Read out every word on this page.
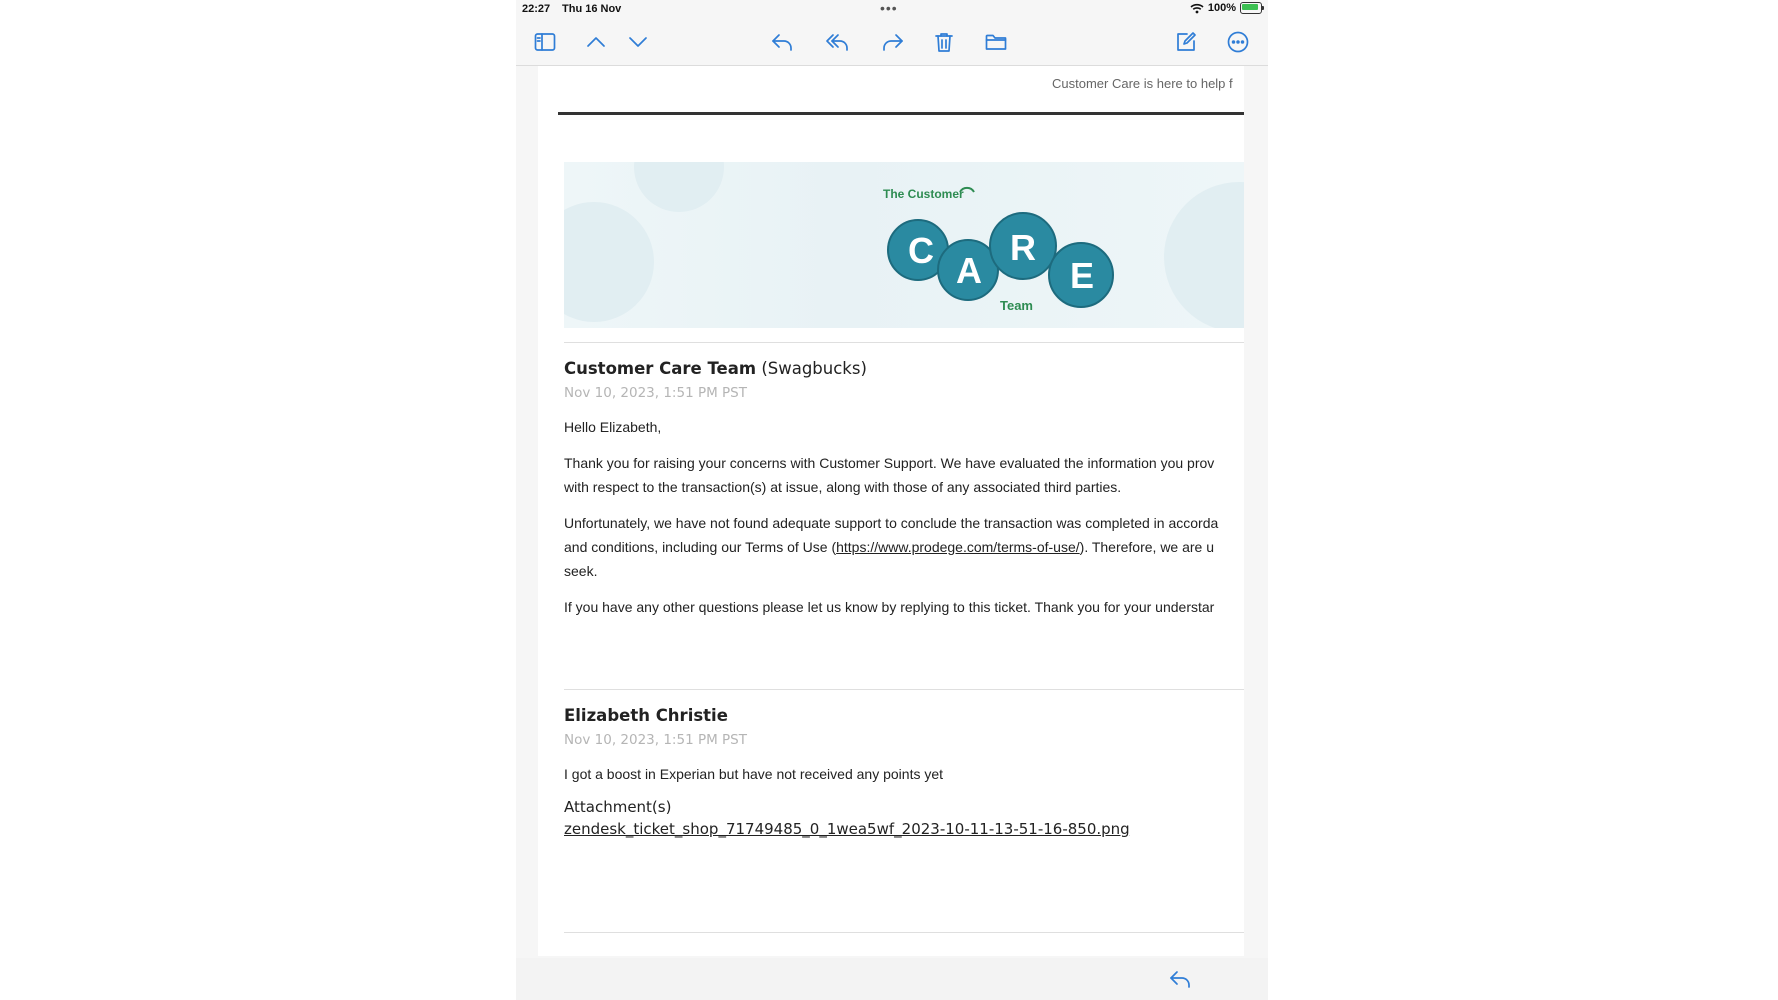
22:27 Thu 16 Nov	•••	100%
Customer Care is here to help f
The Customer
C A
R
E
Team
Customer Care Team (Swagbucks)
Nov 10, 2023, 1:51 PM PST
Hello Elizabeth,
Thank you for raising your concerns with Customer Support. We have evaluated the information you prov
with respect to the transaction(s) at issue, along with those of any associated third parties.
Unfortunately, we have not found adequate support to conclude the transaction was completed in accorda
and conditions, including our Terms of Use (https://www.prodege.com/terms-of-use/). Therefore, we are u
seek.
If you have any other questions please let us know by replying to this ticket. Thank you for your understar
Elizabeth Christie
Nov 10, 2023, 1:51 PM PST
I got a boost in Experian but have not received any points yet
Attachment(s)
zendesk_ticket_shop_71749485_0_1wea5wf_2023-10-11-13-51-16-850.png
